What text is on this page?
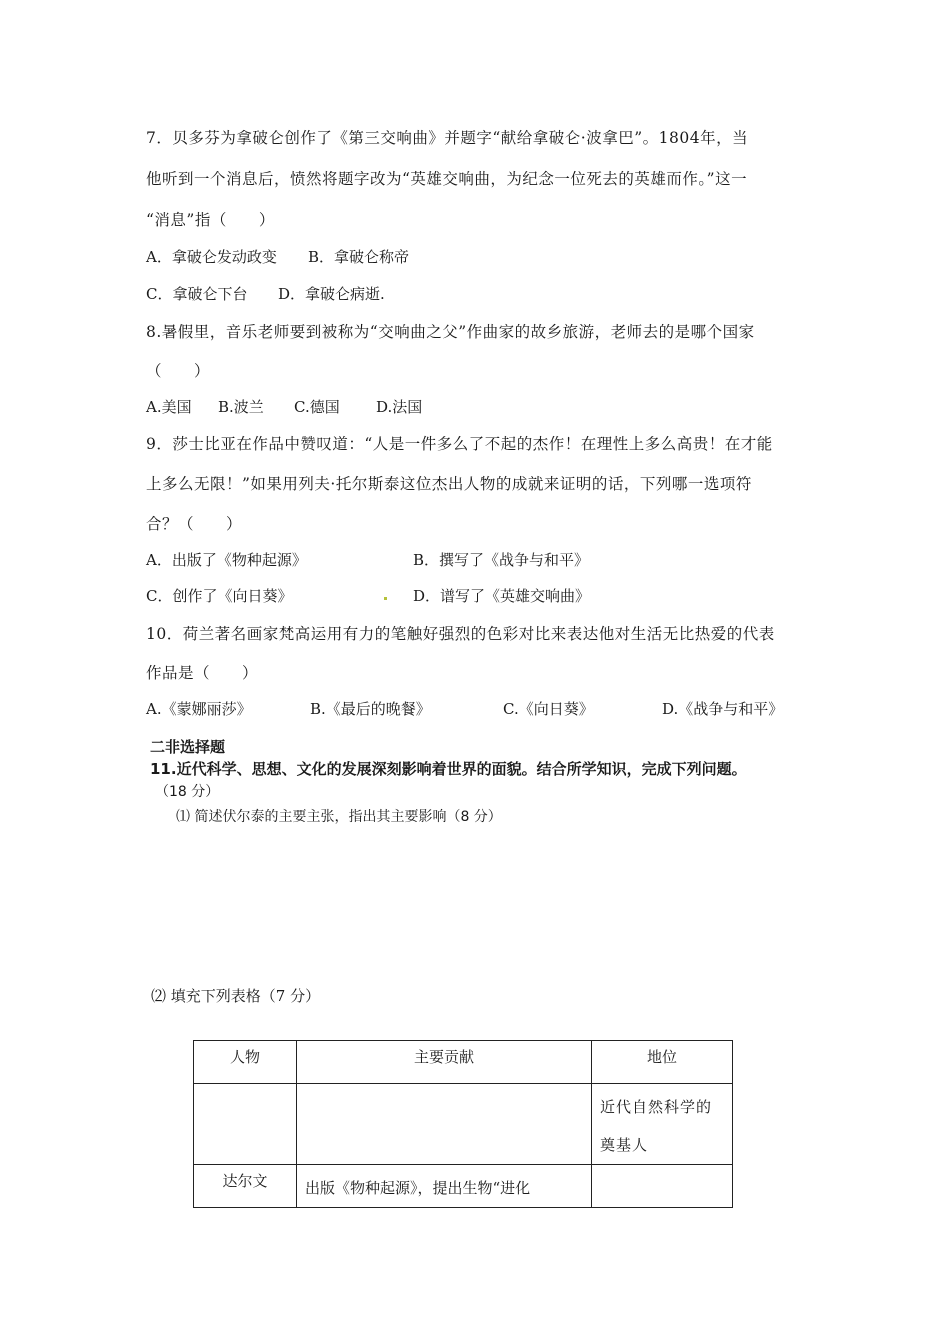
7．贝多芬为拿破仑创作了《第三交响曲》并题字“献给拿破仑·波拿巴”。1804年，当
他听到一个消息后，愤然将题字改为“英雄交响曲，为纪念一位死去的英雄而作。”这一
“消息”指（　　）
A．拿破仑发动政变 B．拿破仑称帝
C．拿破仑下台 D．拿破仑病逝.
8.暑假里，音乐老师要到被称为“交响曲之父”作曲家的故乡旅游，老师去的是哪个国家
（　　）
A.美国 B.波兰 C.德国 D.法国
9．莎士比亚在作品中赞叹道：“人是一件多么了不起的杰作！在理性上多么高贵！在才能
上多么无限！”如果用列夫·托尔斯泰这位杰出人物的成就来证明的话，下列哪一选项符
合？（　　）
A．出版了《物种起源》	B．撰写了《战争与和平》
C．创作了《向日葵》	D．谱写了《英雄交响曲》
10．荷兰著名画家梵高运用有力的笔触好强烈的色彩对比来表达他对生活无比热爱的代表
作品是（　　）
A.《蒙娜丽莎》	B.《最后的晚餐》	C.《向日葵》	D.《战争与和平》
二非选择题
11.近代科学、思想、文化的发展深刻影响着世界的面貌。结合所学知识，完成下列问题。
（18 分）
⑴ 简述伏尔泰的主要主张，指出其主要影响（8 分）
⑵ 填充下列表格（7 分）
人物	主要贡献	地位
		近代自然科学的奠基人
达尔文	出版《物种起源》，提出生物“进化	
